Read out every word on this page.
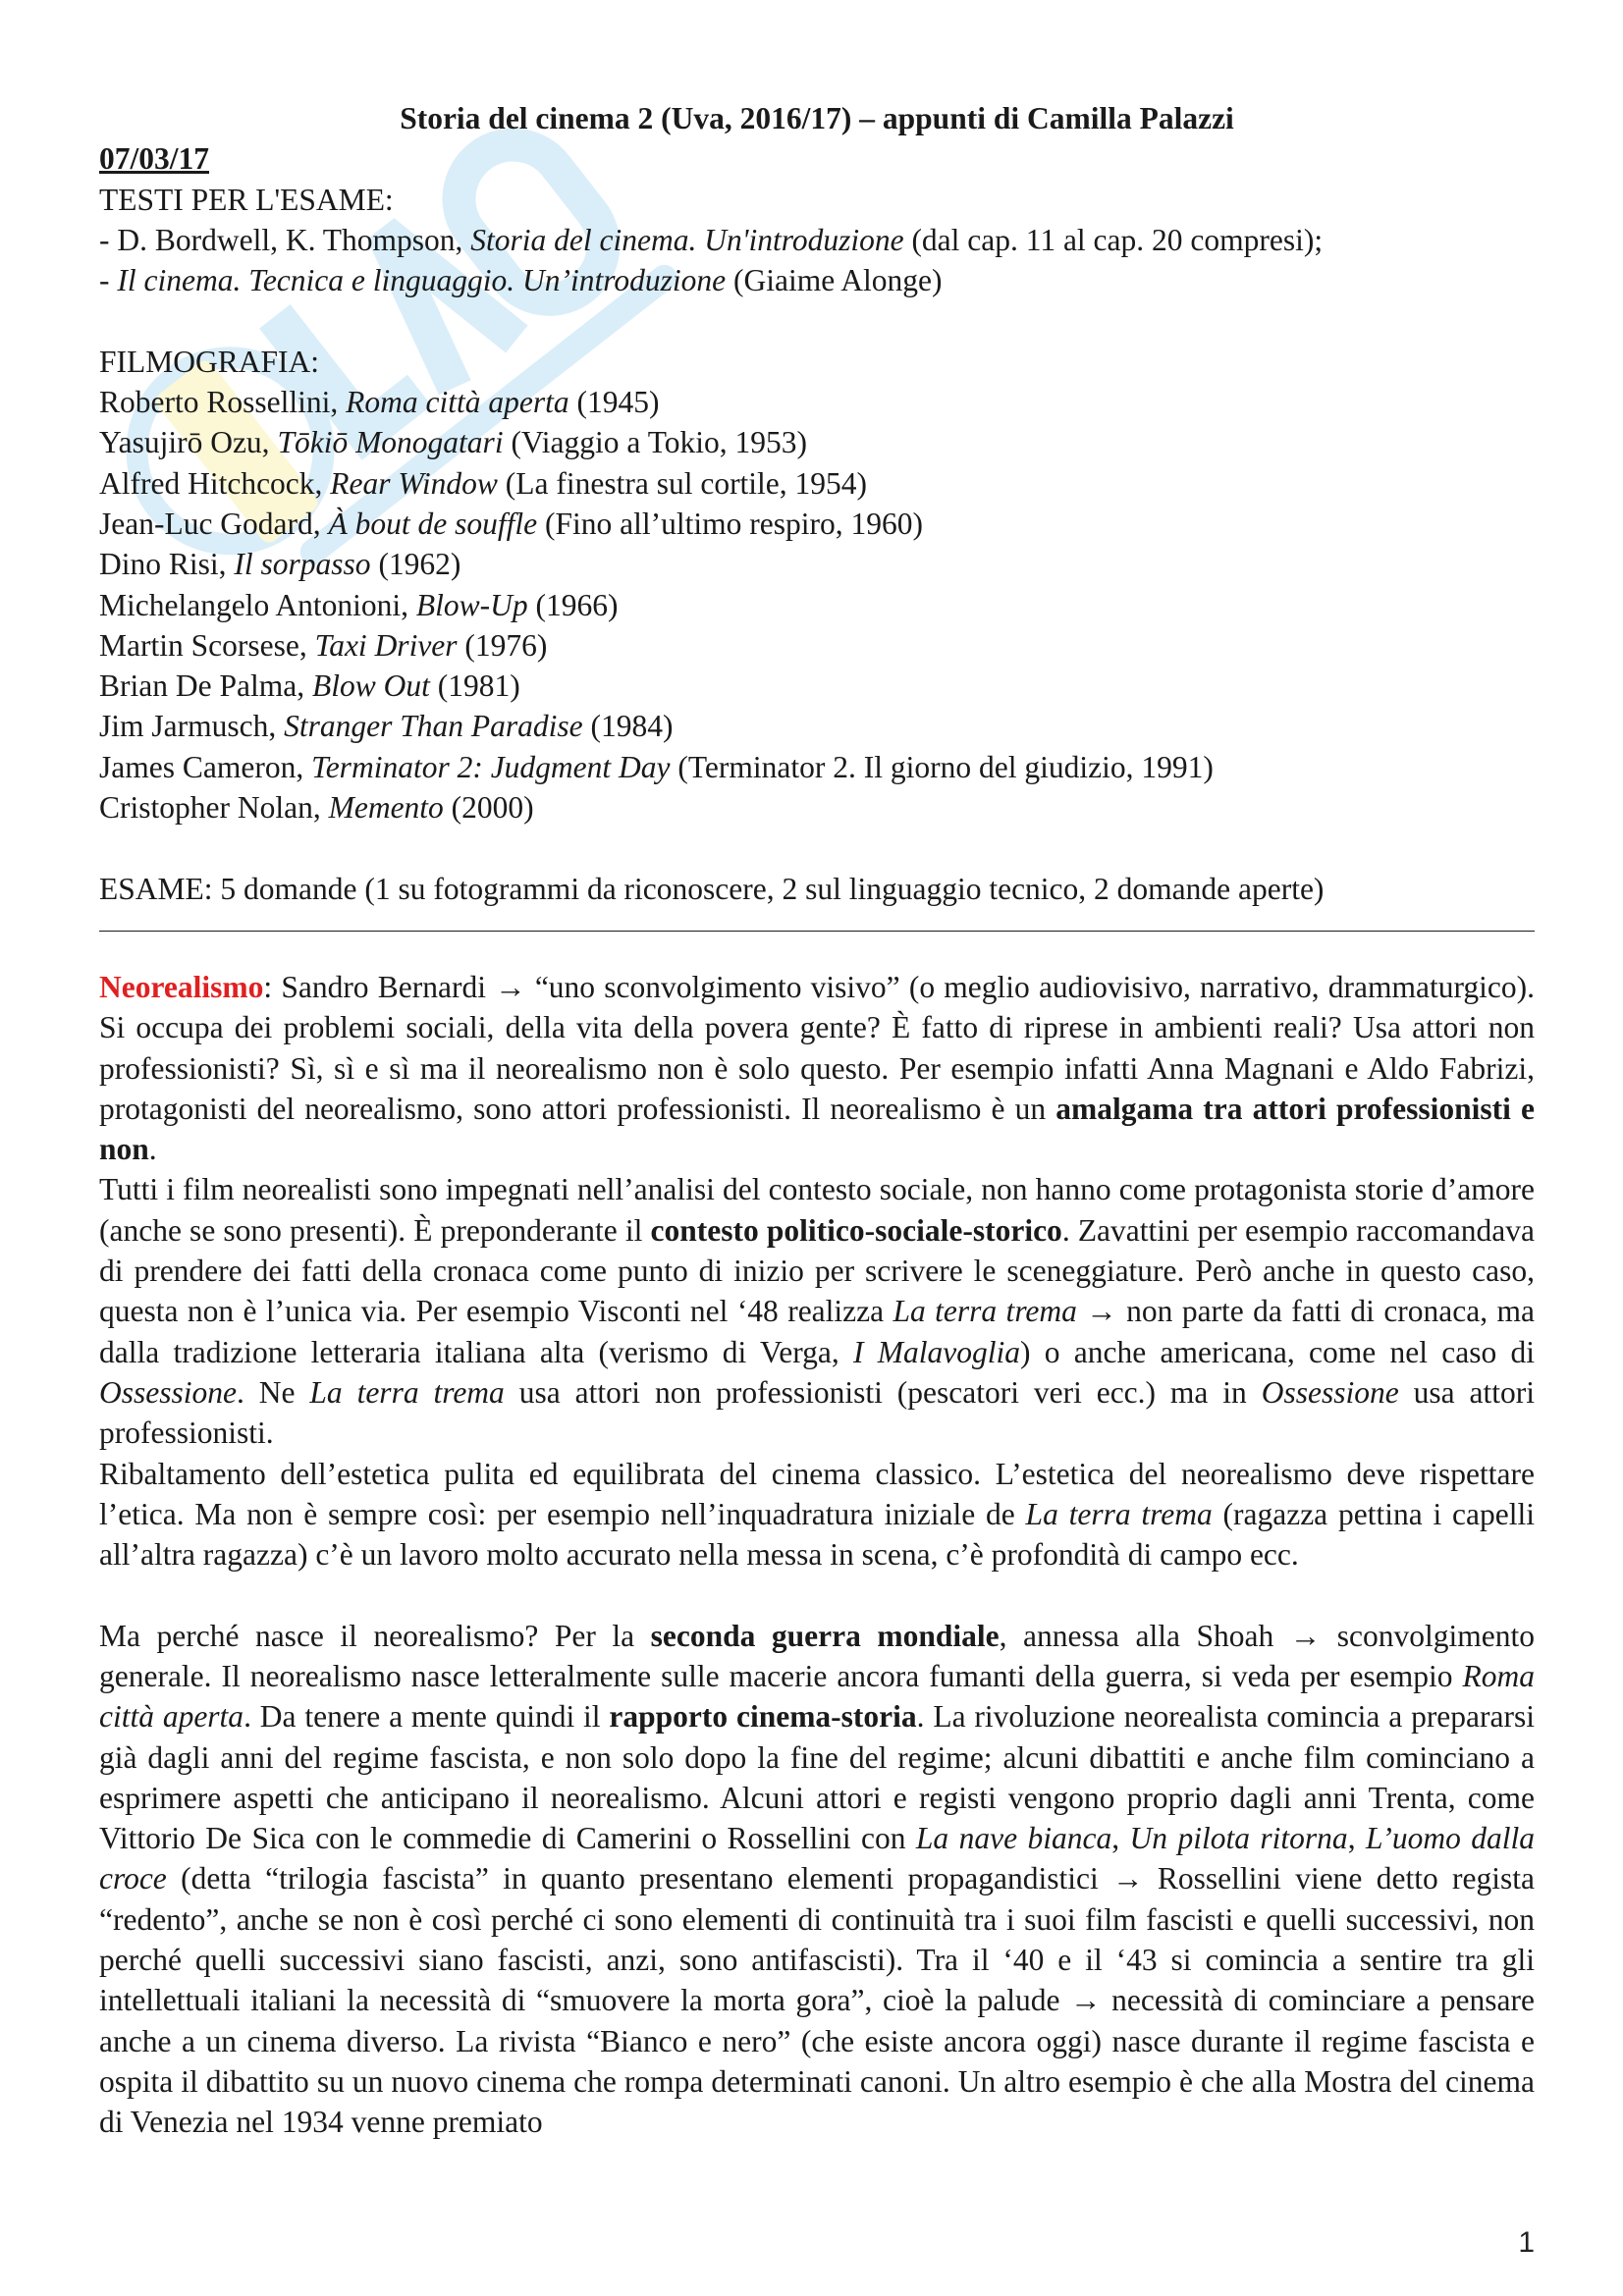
Storia del cinema 2 (Uva, 2016/17) – appunti di Camilla Palazzi

07/03/17

TESTI PER L'ESAME:

- D. Bordwell, K. Thompson, Storia del cinema. Un'introduzione (dal cap. 11 al cap. 20 compresi);

- Il cinema. Tecnica e linguaggio. Un’introduzione (Giaime Alonge)

FILMOGRAFIA:

Roberto Rossellini, Roma città aperta (1945)

Yasujirō Ozu, Tōkiō Monogatari (Viaggio a Tokio, 1953)

Alfred Hitchcock, Rear Window (La finestra sul cortile, 1954)

Jean-Luc Godard, À bout de souffle (Fino all’ultimo respiro, 1960)

Dino Risi, Il sorpasso (1962)

Michelangelo Antonioni, Blow-Up (1966)

Martin Scorsese, Taxi Driver (1976)

Brian De Palma, Blow Out (1981)

Jim Jarmusch, Stranger Than Paradise (1984)

James Cameron, Terminator 2: Judgment Day (Terminator 2. Il giorno del giudizio, 1991)

Cristopher Nolan, Memento (2000)

ESAME: 5 domande (1 su fotogrammi da riconoscere, 2 sul linguaggio tecnico, 2 domande aperte)

Neorealismo: Sandro Bernardi → “uno sconvolgimento visivo” (o meglio audiovisivo, narrativo, drammaturgico). Si occupa dei problemi sociali, della vita della povera gente? È fatto di riprese in ambienti reali? Usa attori non professionisti? Sì, sì e sì ma il neorealismo non è solo questo. Per esempio infatti Anna Magnani e Aldo Fabrizi, protagonisti del neorealismo, sono attori professionisti. Il neorealismo è un amalgama tra attori professionisti e non.

Tutti i film neorealisti sono impegnati nell’analisi del contesto sociale, non hanno come protagonista storie d’amore (anche se sono presenti). È preponderante il contesto politico-sociale-storico. Zavattini per esempio raccomandava di prendere dei fatti della cronaca come punto di inizio per scrivere le sceneggiature. Però anche in questo caso, questa non è l’unica via. Per esempio Visconti nel ‘48 realizza La terra trema → non parte da fatti di cronaca, ma dalla tradizione letteraria italiana alta (verismo di Verga, I Malavoglia) o anche americana, come nel caso di Ossessione. Ne La terra trema usa attori non professionisti (pescatori veri ecc.) ma in Ossessione usa attori professionisti.

Ribaltamento dell’estetica pulita ed equilibrata del cinema classico. L’estetica del neorealismo deve rispettare l’etica. Ma non è sempre così: per esempio nell’inquadratura iniziale de La terra trema (ragazza pettina i capelli all’altra ragazza) c’è un lavoro molto accurato nella messa in scena, c’è profondità di campo ecc.

Ma perché nasce il neorealismo? Per la seconda guerra mondiale, annessa alla Shoah → sconvolgimento generale. Il neorealismo nasce letteralmente sulle macerie ancora fumanti della guerra, si veda per esempio Roma città aperta. Da tenere a mente quindi il rapporto cinema-storia. La rivoluzione neorealista comincia a prepararsi già dagli anni del regime fascista, e non solo dopo la fine del regime; alcuni dibattiti e anche film cominciano a esprimere aspetti che anticipano il neorealismo. Alcuni attori e registi vengono proprio dagli anni Trenta, come Vittorio De Sica con le commedie di Camerini o Rossellini con La nave bianca, Un pilota ritorna, L’uomo dalla croce (detta “trilogia fascista” in quanto presentano elementi propagandistici → Rossellini viene detto regista “redento”, anche se non è così perché ci sono elementi di continuità tra i suoi film fascisti e quelli successivi, non perché quelli successivi siano fascisti, anzi, sono antifascisti). Tra il ‘40 e il ‘43 si comincia a sentire tra gli intellettuali italiani la necessità di “smuovere la morta gora”, cioè la palude → necessità di cominciare a pensare anche a un cinema diverso. La rivista “Bianco e nero” (che esiste ancora oggi) nasce durante il regime fascista e ospita il dibattito su un nuovo cinema che rompa determinati canoni. Un altro esempio è che alla Mostra del cinema di Venezia nel 1934 venne premiato

1
